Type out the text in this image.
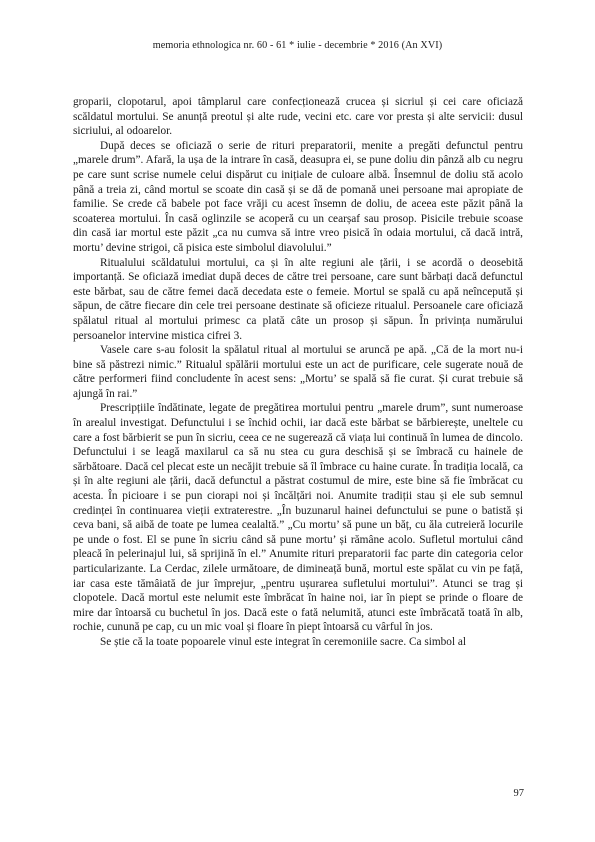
memoria ethnologica nr. 60 - 61 * iulie - decembrie * 2016 (An XVI)

groparii, clopotarul, apoi tâmplarul care confecționează crucea și sicriul și cei care oficiază scăldatul mortului. Se anunță preotul și alte rude, vecini etc. care vor presta și alte servicii: dusul sicriului, al odoarelor.

După deces se oficiază o serie de rituri preparatorii, menite a pregăti defunctul pentru „marele drum”. Afară, la ușa de la intrare în casă, deasupra ei, se pune doliu din pânză alb cu negru pe care sunt scrise numele celui dispărut cu inițiale de culoare albă. Însemnul de doliu stă acolo până a treia zi, când mortul se scoate din casă și se dă de pomană unei persoane mai apropiate de familie. Se crede că babele pot face vrăji cu acest însemn de doliu, de aceea este păzit până la scoaterea mortului. În casă oglinzile se acoperă cu un cearșaf sau prosop. Pisicile trebuie scoase din casă iar mortul este păzit „ca nu cumva să intre vreo pisică în odaia mortului, că dacă intră, mortu’ devine strigoi, că pisica este simbolul diavolului.”

Ritualului scăldatului mortului, ca și în alte regiuni ale țării, i se acordă o deosebită importanță. Se oficiază imediat după deces de către trei persoane, care sunt bărbați dacă defunctul este bărbat, sau de către femei dacă decedata este o femeie. Mortul se spală cu apă neîncepută și săpun, de către fiecare din cele trei persoane destinate să oficieze ritualul. Persoanele care oficiază spălatul ritual al mortului primesc ca plată câte un prosop și săpun. În privința numărului persoanelor intervine mistica cifrei 3.

Vasele care s-au folosit la spălatul ritual al mortului se aruncă pe apă. „Că de la mort nu-i bine să păstrezi nimic.” Ritualul spălării mortului este un act de purificare, cele sugerate nouă de către performeri fiind concludente în acest sens: „Mortu’ se spală să fie curat. Și curat trebuie să ajungă în rai.”

Prescripțiile îndătinate, legate de pregătirea mortului pentru „marele drum”, sunt numeroase în arealul investigat. Defunctului i se închid ochii, iar dacă este bărbat se bărbierește, uneltele cu care a fost bărbierit se pun în sicriu, ceea ce ne sugerează că viața lui continuă în lumea de dincolo. Defunctului i se leagă maxilarul ca să nu stea cu gura deschisă și se îmbracă cu hainele de sărbătoare. Dacă cel plecat este un necăjit trebuie să îl îmbrace cu haine curate. În tradiția locală, ca și în alte regiuni ale țării, dacă defunctul a păstrat costumul de mire, este bine să fie îmbrăcat cu acesta. În picioare i se pun ciorapi noi și încălțări noi. Anumite tradiții stau și ele sub semnul credinței în continuarea vieții extraterestre. „În buzunarul hainei defunctului se pune o batistă și ceva bani, să aibă de toate pe lumea cealaltă.” „Cu mortu’ să pune un băț, cu ăla cutreieră locurile pe unde o fost. El se pune în sicriu când să pune mortu’ și rămâne acolo. Sufletul mortului când pleacă în pelerinajul lui, să sprijină în el.” Anumite rituri preparatorii fac parte din categoria celor particularizante. La Cerdac, zilele următoare, de dimineață bună, mortul este spălat cu vin pe față, iar casa este tămâiată de jur împrejur, „pentru ușurarea sufletului mortului”. Atunci se trag și clopotele. Dacă mortul este nelumit este îmbrăcat în haine noi, iar în piept se prinde o floare de mire dar întoarsă cu buchetul în jos. Dacă este o fată nelumită, atunci este îmbrăcată toată în alb, rochie, cunună pe cap, cu un mic voal și floare în piept întoarsă cu vârful în jos.

Se știe că la toate popoarele vinul este integrat în ceremoniile sacre. Ca simbol al

97
